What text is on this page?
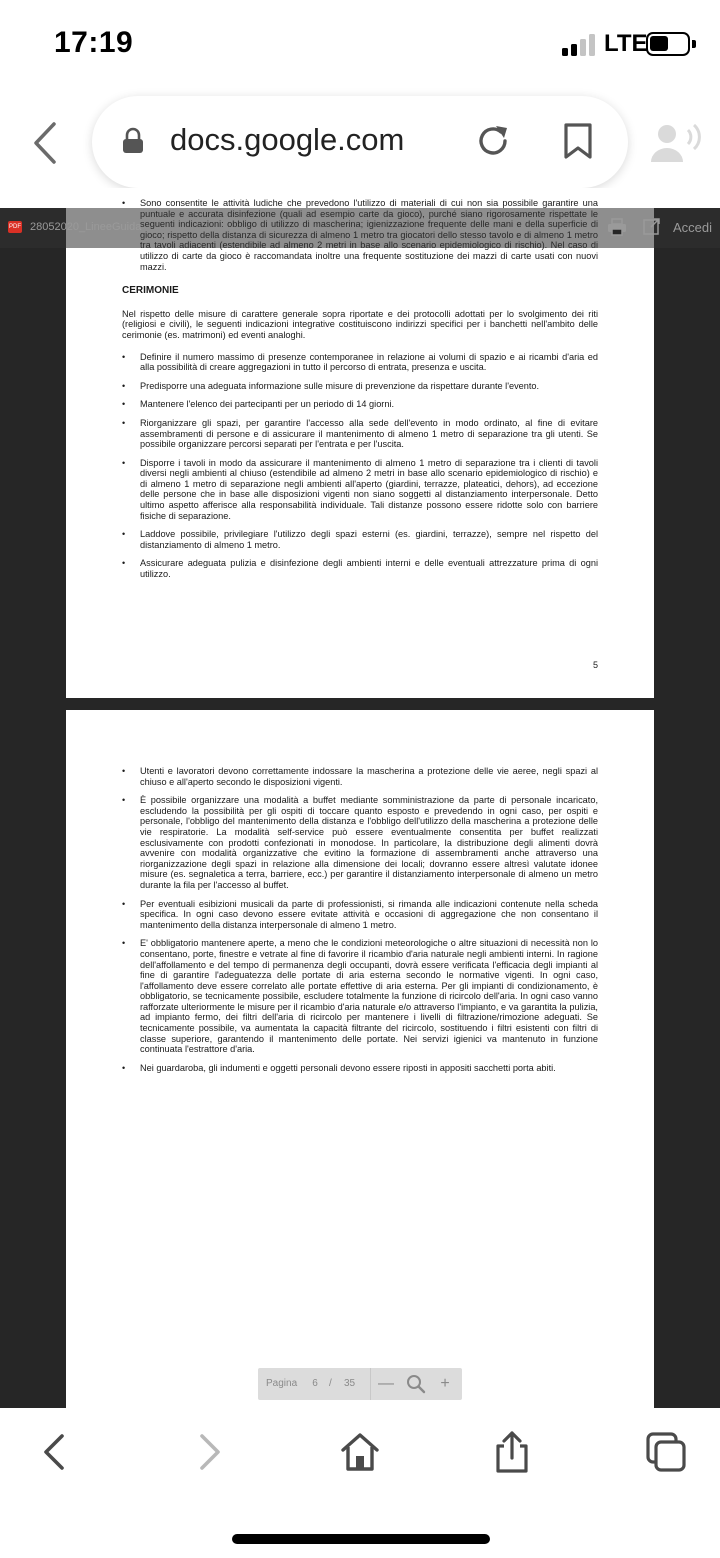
17:19	LTE
docs.google.com
• Sono consentite le attività ludiche che prevedono l'utilizzo di materiali di cui non sia possibile garantire una utilizzo di carte da gioco è raccomandata inoltre una frequente sostituzione dei mazzi di carte usati con nuovi mazzi.
CERIMONIE
Nel rispetto delle misure di carattere generale sopra riportate e dei protocolli adottati per lo svolgimento dei riti (religiosi e civili), le seguenti indicazioni integrative costituiscono indirizzi specifici per i banchetti nell'ambito delle cerimonie (es. matrimoni) ed eventi analoghi.
• Definire il numero massimo di presenze contemporanee in relazione ai volumi di spazio e ai ricambi d'aria ed alla possibilità di creare aggregazioni in tutto il percorso di entrata, presenza e uscita.
• Predisporre una adeguata informazione sulle misure di prevenzione da rispettare durante l'evento.
• Mantenere l'elenco dei partecipanti per un periodo di 14 giorni.
• Riorganizzare gli spazi, per garantire l'accesso alla sede dell'evento in modo ordinato, al fine di evitare assembramenti di persone e di assicurare il mantenimento di almeno 1 metro di separazione tra gli utenti. Se possibile organizzare percorsi separati per l'entrata e per l'uscita.
• Disporre i tavoli in modo da assicurare il mantenimento di almeno 1 metro di separazione tra i clienti di tavoli diversi negli ambienti al chiuso (estendibile ad almeno 2 metri in base allo scenario epidemiologico di rischio) e di almeno 1 metro di separazione negli ambienti all'aperto (giardini, terrazze, plateatici, dehors), ad eccezione delle persone che in base alle disposizioni vigenti non siano soggetti al distanziamento interpersonale. Detto ultimo aspetto afferisce alla responsabilità individuale. Tali distanze possono essere ridotte solo con barriere fisiche di separazione.
• Laddove possibile, privilegiare l'utilizzo degli spazi esterni (es. giardini, terrazze), sempre nel rispetto del distanziamento di almeno 1 metro.
• Assicurare adeguata pulizia e disinfezione degli ambienti interni e delle eventuali attrezzature prima di ogni utilizzo.
5
• Utenti e lavoratori devono correttamente indossare la mascherina a protezione delle vie aeree, negli spazi al chiuso e all'aperto secondo le disposizioni vigenti.
• È possibile organizzare una modalità a buffet mediante somministrazione da parte di personale incaricato, escludendo la possibilità per gli ospiti di toccare quanto esposto e prevedendo in ogni caso, per ospiti e personale, l'obbligo del mantenimento della distanza e l'obbligo dell'utilizzo della mascherina a protezione delle vie respiratorie. La modalità self-service può essere eventualmente consentita per buffet realizzati esclusivamente con prodotti confezionati in monodose. In particolare, la distribuzione degli alimenti dovrà avvenire con modalità organizzative che evitino la formazione di assembramenti anche attraverso una riorganizzazione degli spazi in relazione alla dimensione dei locali; dovranno essere altresì valutate idonee misure (es. segnaletica a terra, barriere, ecc.) per garantire il distanziamento interpersonale di almeno un metro durante la fila per l'accesso al buffet.
• Per eventuali esibizioni musicali da parte di professionisti, si rimanda alle indicazioni contenute nella scheda specifica. In ogni caso devono essere evitate attività e occasioni di aggregazione che non consentano il mantenimento della distanza interpersonale di almeno 1 metro.
• E' obbligatorio mantenere aperte, a meno che le condizioni meteorologiche o altre situazioni di necessità non lo consentano, porte, finestre e vetrate al fine di favorire il ricambio d'aria naturale negli ambienti interni. In ragione dell'affollamento e del tempo di permanenza degli occupanti, dovrà essere verificata l'efficacia degli impianti al fine di garantire l'adeguatezza delle portate di aria esterna secondo le normative vigenti. In ogni caso, l'affollamento deve essere correlato alle portate effettive di aria esterna. Per gli impianti di condizionamento, è obbligatorio, se tecnicamente possibile, escludere totalmente la funzione di ricircolo dell'aria. In ogni caso vanno rafforzate ulteriormente le misure per il ricambio d'aria naturale e/o attraverso l'impianto, e va garantita la pulizia, ad impianto fermo, dei filtri dell'aria di ricircolo per mantenere i livelli di filtrazione/rimozione adeguati. Se tecnicamente possibile, va aumentata la capacità filtrante del ricircolo, sostituendo i filtri esistenti con filtri di classe superiore, garantendo il mantenimento delle portate. Nei servizi igienici va mantenuto in funzione continuata l'estrattore d'aria.
• Nei guardaroba, gli indumenti e oggetti personali devono essere riposti in appositi sacchetti porta abiti.
PDF 28052020_LineeGuida	Accedi
Pagina	6	/ 35 —	+
